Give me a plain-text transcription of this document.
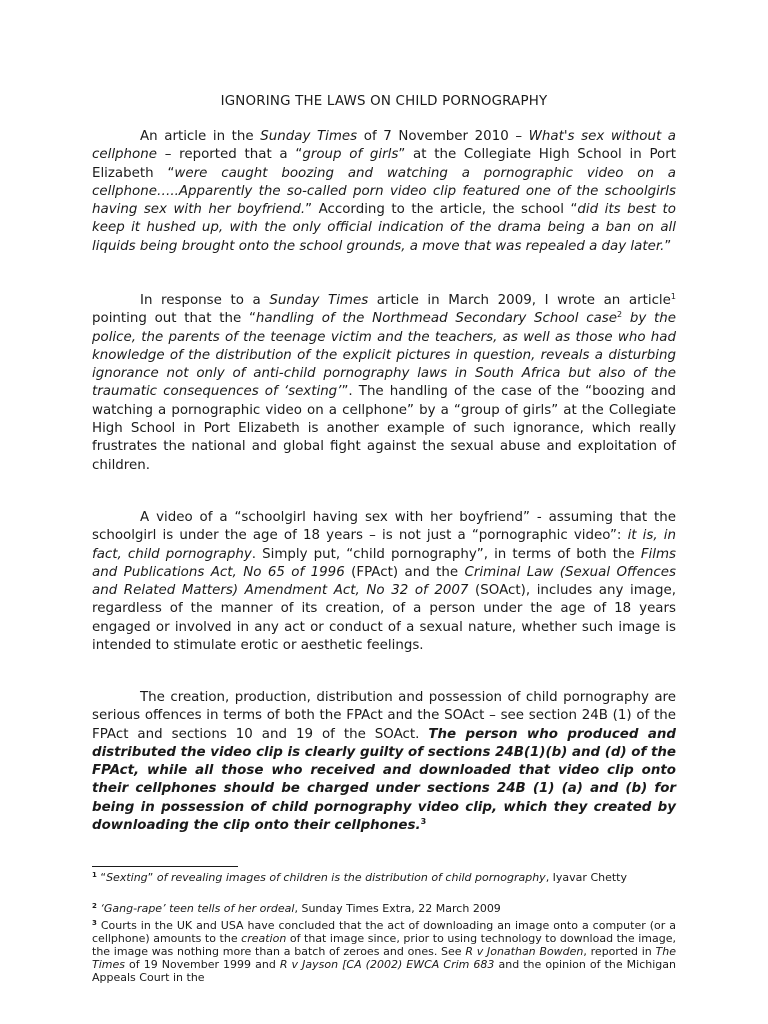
IGNORING THE LAWS ON CHILD PORNOGRAPHY

An article in the Sunday Times of 7 November 2010 – What's sex without a cellphone – reported that a “group of girls” at the Collegiate High School in Port Elizabeth “were caught boozing and watching a pornographic video on a cellphone…..Apparently the so-called porn video clip featured one of the schoolgirls having sex with her boyfriend.” According to the article, the school “did its best to keep it hushed up, with the only official indication of the drama being a ban on all liquids being brought onto the school grounds, a move that was repealed a day later.”

In response to a Sunday Times article in March 2009, I wrote an article$^1$ pointing out that the “handling of the Northmead Secondary School case$^2$ by the police, the parents of the teenage victim and the teachers, as well as those who had knowledge of the distribution of the explicit pictures in question, reveals a disturbing ignorance not only of anti-child pornography laws in South Africa but also of the traumatic consequences of ‘sexting’”. The handling of the case of the “boozing and watching a pornographic video on a cellphone” by a “group of girls” at the Collegiate High School in Port Elizabeth is another example of such ignorance, which really frustrates the national and global fight against the sexual abuse and exploitation of children.

A video of a “schoolgirl having sex with her boyfriend” - assuming that the schoolgirl is under the age of 18 years – is not just a “pornographic video”: it is, in fact, child pornography. Simply put, “child pornography”, in terms of both the Films and Publications Act, No 65 of 1996 (FPAct) and the Criminal Law (Sexual Offences and Related Matters) Amendment Act, No 32 of 2007 (SOAct), includes any image, regardless of the manner of its creation, of a person under the age of 18 years engaged or involved in any act or conduct of a sexual nature, whether such image is intended to stimulate erotic or aesthetic feelings.

The creation, production, distribution and possession of child pornography are serious offences in terms of both the FPAct and the SOAct – see section 24B (1) of the FPAct and sections 10 and 19 of the SOAct. The person who produced and distributed the video clip is clearly guilty of sections 24B(1)(b) and (d) of the FPAct, while all those who received and downloaded that video clip onto their cellphones should be charged under sections 24B (1) (a) and (b) for being in possession of child pornography video clip, which they created by downloading the clip onto their cellphones.$^3$

$^1$ “Sexting” of revealing images of children is the distribution of child pornography, Iyavar Chetty

$^2$ ‘Gang-rape’ teen tells of her ordeal, Sunday Times Extra, 22 March 2009

$^3$ Courts in the UK and USA have concluded that the act of downloading an image onto a computer (or a cellphone) amounts to the creation of that image since, prior to using technology to download the image, the image was nothing more than a batch of zeroes and ones. See R v Jonathan Bowden, reported in The Times of 19 November 1999 and R v Jayson [CA (2002) EWCA Crim 683 and the opinion of the Michigan Appeals Court in the
